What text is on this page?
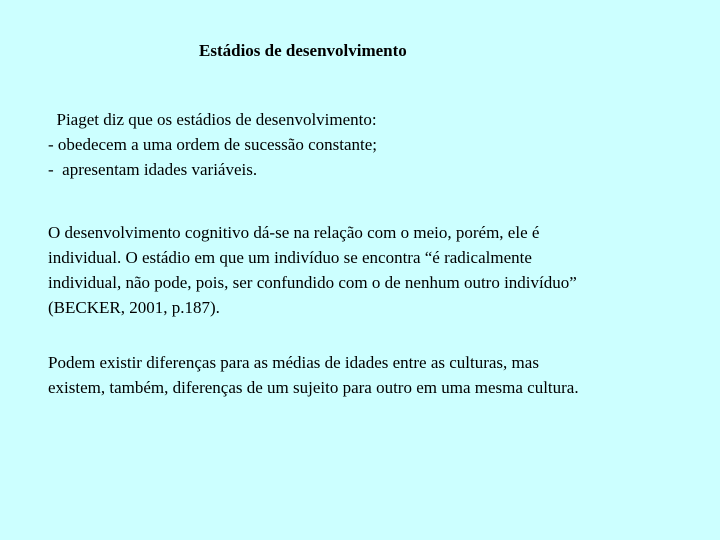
Estádios de desenvolvimento
Piaget diz que os estádios de desenvolvimento:
- obedecem a uma ordem de sucessão constante;
-  apresentam idades variáveis.
O desenvolvimento cognitivo dá-se na relação com o meio, porém, ele é
individual. O estádio em que um indivíduo se encontra “é radicalmente
individual, não pode, pois, ser confundido com o de nenhum outro indivíduo”
(BECKER, 2001, p.187).
Podem existir diferenças para as médias de idades entre as culturas, mas
existem, também, diferenças de um sujeito para outro em uma mesma cultura.
